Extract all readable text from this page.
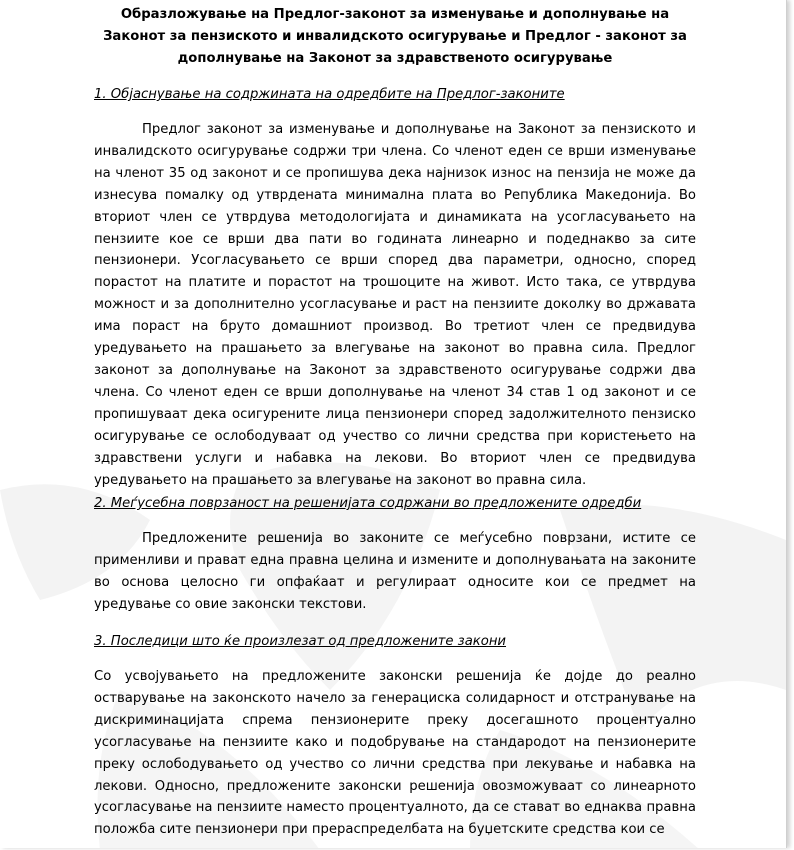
Образложување на Предлог-законот за изменување и дополнување на Законот за пензиското и инвалидското осигурување и Предлог - законот за дополнување на Законот за здравственото осигурување

1. Објаснување на содржината на одредбите на Предлог-законите

Предлог законот за изменување и дополнување на Законот за пензиското и инвалидското осигурување содржи три члена. Со членот еден се врши изменување на членот 35 од законот и се пропишува дека најнизок износ на пензија не може да изнесува помалку од утврдената минимална плата во Република Македонија. Во вториот член се утврдува методологијата и динамиката на усогласувањето на пензиите кое се врши два пати во годината линеарно и подеднакво за сите пензионери. Усогласувањето се врши според два параметри, односно, според порастот на платите и порастот на трошоците на живот. Исто така, се утврдува можност и за дополнително усогласување и раст на пензиите доколку во државата има пораст на бруто домашниот производ. Во третиот член се предвидува уредувањето на прашањето за влегување на законот во правна сила. Предлог законот за дополнување на Законот за здравственото осигурување содржи два члена. Со членот еден се врши дополнување на членот 34 став 1 од законот и се пропишуваат дека осигурените лица пензионери според задолжителното пензиско осигурување се ослободуваат од учество со лични средства при користењето на здравствени услуги и набавка на лекови. Во вториот член се предвидува уредувањето на прашањето за влегување на законот во правна сила.

2. Меѓусебна поврзаност на решенијата содржани во предложените одредби

Предложените решенија во законите се меѓусебно поврзани, истите се применливи и прават една правна целина и измените и дополнувањата на законите во основа целосно ги опфаќаат и регулираат односите кои се предмет на уредување со овие законски текстови.

3. Последици што ќе произлезат од предложените закони

Со усвојувањето на предложените законски решенија ќе дојде до реално остварување на законското начело за генерациска солидарност и отстранување на дискриминацијата спрема пензионерите преку досегашното процентуално усогласување на пензиите како и подобрување на стандародот на пензионерите преку ослободувањето од учество со лични средства при лекување и набавка на лекови. Односно, предложените законски решенија овозможуваат со линеарното усогласување на пензиите наместо процентуалното, да се стават во еднаква правна положба сите пензионери при прераспределбата на буџетските средства кои се
